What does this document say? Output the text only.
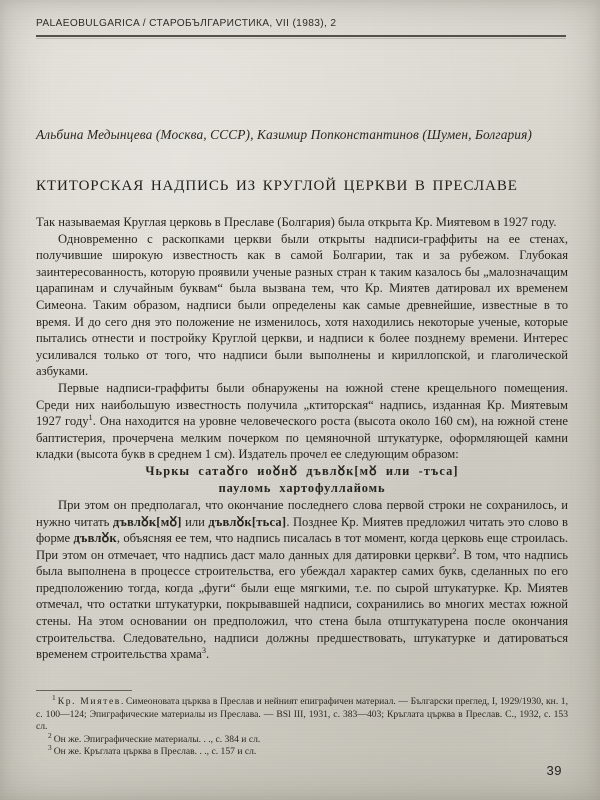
PALAEOBULGARICA / СТАРОБЪЛГАРИСТИКА, VII (1983), 2
Альбина Медынцева (Москва, СССР), Казимир Попконстантинов (Шумен, Болгария)
КТИТОРСКАЯ НАДПИСЬ ИЗ КРУГЛОЙ ЦЕРКВИ В ПРЕСЛАВЕ

Так называемая Круглая церковь в Преславе (Болгария) была открыта Кр. Миятевом в 1927 году.

Одновременно с раскопками церкви были открыты надписи-граффиты на ее стенах, получившие широкую известность как в самой Болгарии, так и за рубежом. Глубокая заинтересованность, которую проявили ученые разных стран к таким казалось бы „малозначащим царапинам и случайным буквам“ была вызвана тем, что Кр. Миятев датировал их временем Симеона. Таким образом, надписи были определены как самые древнейшие, известные в то время. И до сего дня это положение не изменилось, хотя находились некоторые ученые, которые пытались отнести и постройку Круглой церкви, и надписи к более позднему времени. Интерес усиливался только от того, что надписи были выполнены и кириллопской, и глаголической азбуками.

Первые надписи-граффиты были обнаружены на южной стене крещельного помещения. Среди них наибольшую известность получила „ктиторская“ надпись, изданная Кр. Миятевым 1927 году$^1$. Она находится на уровне человеческого роста (высота около 160 см), на южной стене баптистерия, прочерчена мелким почерком по цемяночной штукатурке, оформляющей камни кладки (высота букв в среднем 1 см). Издатель прочел ее следующим образом:

Чьркы сатаᲈго иоᲈнᲈ дъвлᲈк[мᲈ или -тъса]
пауломь хартофуллайомь

При этом он предполагал, что окончание последнего слова первой строки не сохранилось, и нужно читать дъвлᲈк[мᲈ] или дъвлᲈк[тьса]. Позднее Кр. Миятев предложил читать это слово в форме дъвлᲈк, объясняя ее тем, что надпись писалась в тот момент, когда церковь еще строилась. При этом он отмечает, что надпись даст мало данных для датировки церкви$^2$. В том, что надпись была выполнена в процессе строительства, его убеждал характер самих букв, сделанных по его предположению тогда, когда „фуги“ были еще мягкими, т.е. по сырой штукатурке. Кр. Миятев отмечал, что остатки штукатурки, покрывавшей надписи, сохранились во многих местах южной стены. На этом основании он предположил, что стена была отштукатурена после окончания строительства. Следовательно, надписи должны предшествовать, штукатурке и датироваться временем строительства храма$^3$.

$^1$ Кр. Миятев. Симеоновата църква в Преслав и нейният епиграфичен материал. — Български преглед, I, 1929/1930, кн. 1, с. 100—124; Эпиграфические материалы из Преслава. — BSl III, 1931, с. 383—403; Кръглата църква в Преслав. С., 1932, с. 153 сл.

$^2$ Он же. Эпиграфические материалы. . ., с. 384 и сл.

$^3$ Он же. Кръглата църква в Преслав. . ., с. 157 и сл.

39
